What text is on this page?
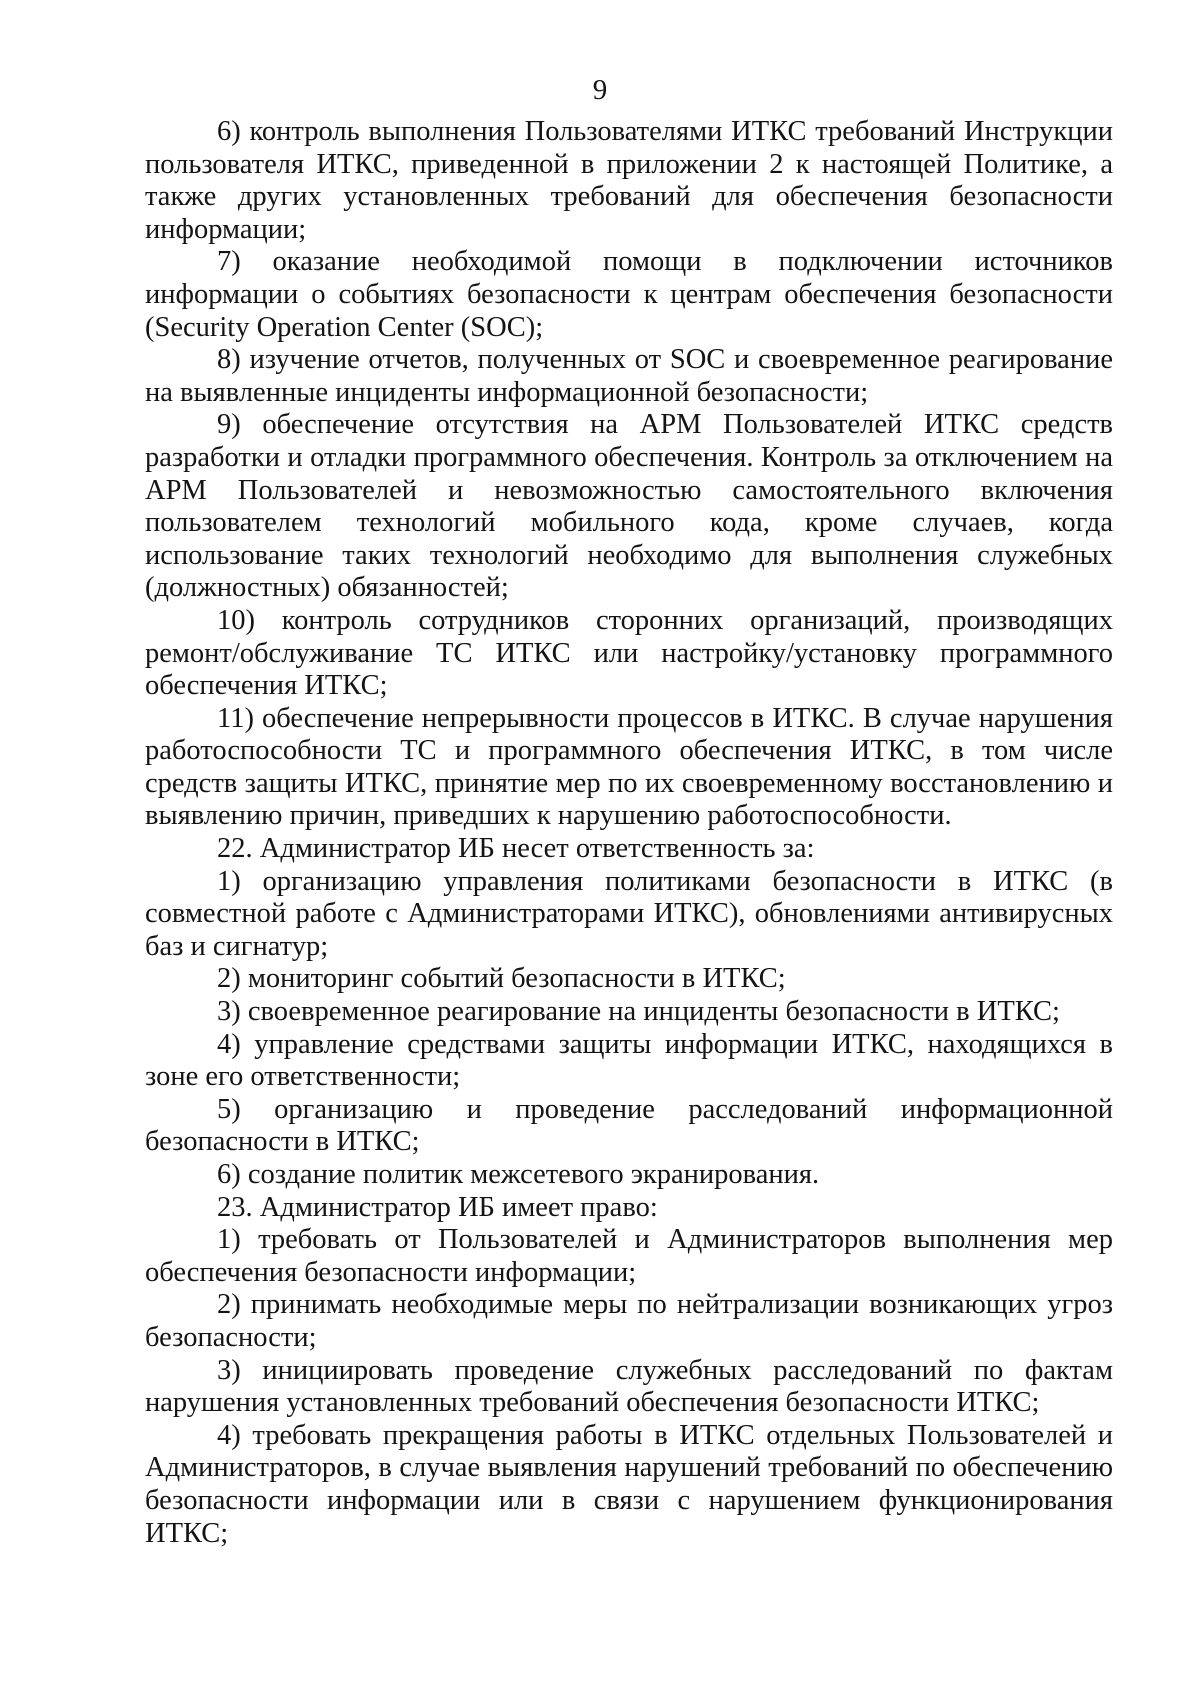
9

6) контроль выполнения Пользователями ИТКС требований Инструкции пользователя ИТКС, приведенной в приложении 2 к настоящей Политике, а также других установленных требований для обеспечения безопасности информации;

7) оказание необходимой помощи в подключении источников информации о событиях безопасности к центрам обеспечения безопасности (Security Operation Center (SOC);

8) изучение отчетов, полученных от SOC и своевременное реагирование на выявленные инциденты информационной безопасности;

9) обеспечение отсутствия на АРМ Пользователей ИТКС средств разработки и отладки программного обеспечения. Контроль за отключением на АРМ Пользователей и невозможностью самостоятельного включения пользователем технологий мобильного кода, кроме случаев, когда использование таких технологий необходимо для выполнения служебных (должностных) обязанностей;

10) контроль сотрудников сторонних организаций, производящих ремонт/обслуживание ТС ИТКС или настройку/установку программного обеспечения ИТКС;

11) обеспечение непрерывности процессов в ИТКС. В случае нарушения работоспособности ТС и программного обеспечения ИТКС, в том числе средств защиты ИТКС, принятие мер по их своевременному восстановлению и выявлению причин, приведших к нарушению работоспособности.

22. Администратор ИБ несет ответственность за:

1) организацию управления политиками безопасности в ИТКС (в совместной работе с Администраторами ИТКС), обновлениями антивирусных баз и сигнатур;

2) мониторинг событий безопасности в ИТКС;

3) своевременное реагирование на инциденты безопасности в ИТКС;

4) управление средствами защиты информации ИТКС, находящихся в зоне его ответственности;

5) организацию и проведение расследований информационной безопасности в ИТКС;

6) создание политик межсетевого экранирования.

23. Администратор ИБ имеет право:

1) требовать от Пользователей и Администраторов выполнения мер обеспечения безопасности информации;

2) принимать необходимые меры по нейтрализации возникающих угроз безопасности;

3) инициировать проведение служебных расследований по фактам нарушения установленных требований обеспечения безопасности ИТКС;

4) требовать прекращения работы в ИТКС отдельных Пользователей и Администраторов, в случае выявления нарушений требований по обеспечению безопасности информации или в связи с нарушением функционирования ИТКС;
